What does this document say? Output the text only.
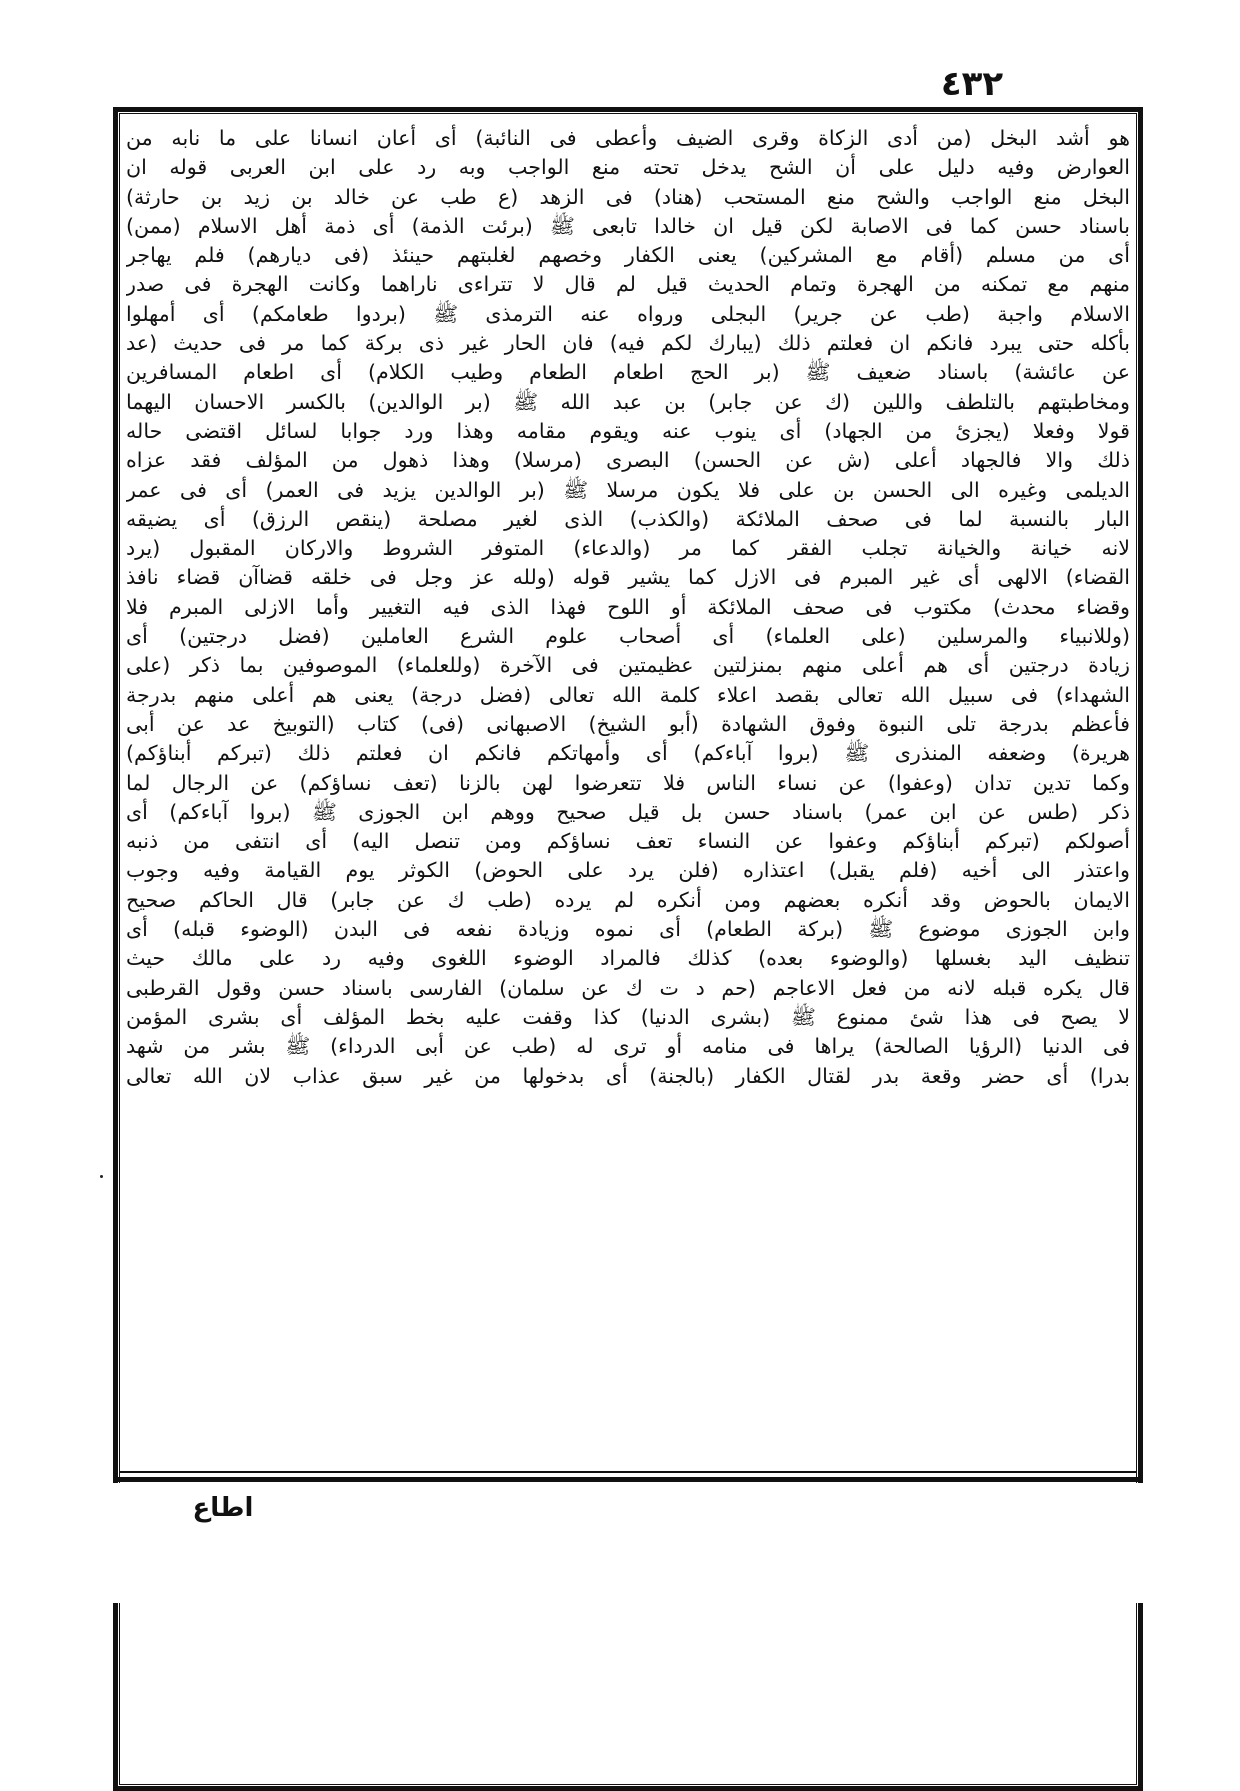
٤٣٢
هو أشد البخل (من أدى الزكاة وقرى الضيف وأعطى فى النائبة) أى أعان انسانا على ما نابه من
العوارض وفيه دليل على أن الشح يدخل تحته منع الواجب وبه رد على ابن العربى قوله ان
البخل منع الواجب والشح منع المستحب (هناد) فى الزهد (ع طب عن خالد بن زيد بن حارثة)
باسناد حسن كما فى الاصابة لكن قيل ان خالدا تابعى ﷺ (برئت الذمة) أى ذمة أهل الاسلام (ممن)
أى من مسلم (أقام مع المشركين) يعنى الكفار وخصهم لغلبتهم حينئذ (فى ديارهم) فلم يهاجر
منهم مع تمكنه من الهجرة وتمام الحديث قيل لم قال لا تتراءى ناراهما وكانت الهجرة فى صدر
الاسلام واجبة (طب عن جرير) البجلى ورواه عنه الترمذى ﷺ (بردوا طعامكم) أى أمهلوا
بأكله حتى يبرد فانكم ان فعلتم ذلك (يبارك لكم فيه) فان الحار غير ذى بركة كما مر فى حديث (عد
عن عائشة) باسناد ضعيف ﷺ (بر الحج اطعام الطعام وطيب الكلام) أى اطعام المسافرين
ومخاطبتهم بالتلطف واللين (ك عن جابر) بن عبد الله ﷺ (بر الوالدين) بالكسر الاحسان اليهما
قولا وفعلا (يجزئ من الجهاد) أى ينوب عنه ويقوم مقامه وهذا ورد جوابا لسائل اقتضى حاله
ذلك والا فالجهاد أعلى (ش عن الحسن) البصرى (مرسلا) وهذا ذهول من المؤلف فقد عزاه
الديلمى وغيره الى الحسن بن على فلا يكون مرسلا ﷺ (بر الوالدين يزيد فى العمر) أى فى عمر
البار بالنسبة لما فى صحف الملائكة (والكذب) الذى لغير مصلحة (ينقص الرزق) أى يضيقه
لانه خيانة والخيانة تجلب الفقر كما مر (والدعاء) المتوفر الشروط والاركان المقبول (يرد
القضاء) الالهى أى غير المبرم فى الازل كما يشير قوله (ولله عز وجل فى خلقه قضاآن قضاء نافذ
وقضاء محدث) مكتوب فى صحف الملائكة أو اللوح فهذا الذى فيه التغيير وأما الازلى المبرم فلا
(وللانبياء والمرسلين (على العلماء) أى أصحاب علوم الشرع العاملين (فضل درجتين) أى
زيادة درجتين أى هم أعلى منهم بمنزلتين عظيمتين فى الآخرة (وللعلماء) الموصوفين بما ذكر (على
الشهداء) فى سبيل الله تعالى بقصد اعلاء كلمة الله تعالى (فضل درجة) يعنى هم أعلى منهم بدرجة
فأعظم بدرجة تلى النبوة وفوق الشهادة (أبو الشيخ) الاصبهانى (فى) كتاب (التوبيخ عد عن أبى
هريرة) وضعفه المنذرى ﷺ (بروا آباءكم) أى وأمهاتكم فانكم ان فعلتم ذلك (تبركم أبناؤكم)
وكما تدين تدان (وعفوا) عن نساء الناس فلا تتعرضوا لهن بالزنا (تعف نساؤكم) عن الرجال لما
ذكر (طس عن ابن عمر) باسناد حسن بل قيل صحيح ووهم ابن الجوزى ﷺ (بروا آباءكم) أى
أصولكم (تبركم أبناؤكم وعفوا عن النساء تعف نساؤكم ومن تنصل اليه) أى انتفى من ذنبه
واعتذر الى أخيه (فلم يقبل) اعتذاره (فلن يرد على الحوض) الكوثر يوم القيامة وفيه وجوب
الايمان بالحوض وقد أنكره بعضهم ومن أنكره لم يرده (طب ك عن جابر) قال الحاكم صحيح
وابن الجوزى موضوع ﷺ (بركة الطعام) أى نموه وزيادة نفعه فى البدن (الوضوء قبله) أى
تنظيف اليد بغسلها (والوضوء بعده) كذلك فالمراد الوضوء اللغوى وفيه رد على مالك حيث
قال يكره قبله لانه من فعل الاعاجم (حم د ت ك عن سلمان) الفارسى باسناد حسن وقول القرطبى
لا يصح فى هذا شئ ممنوع ﷺ (بشرى الدنيا) كذا وقفت عليه بخط المؤلف أى بشرى المؤمن
فى الدنيا (الرؤيا الصالحة) يراها فى منامه أو ترى له (طب عن أبى الدرداء) ﷺ بشر من شهد
بدرا) أى حضر وقعة بدر لقتال الكفار (بالجنة) أى بدخولها من غير سبق عذاب لان الله تعالى
اطاع
